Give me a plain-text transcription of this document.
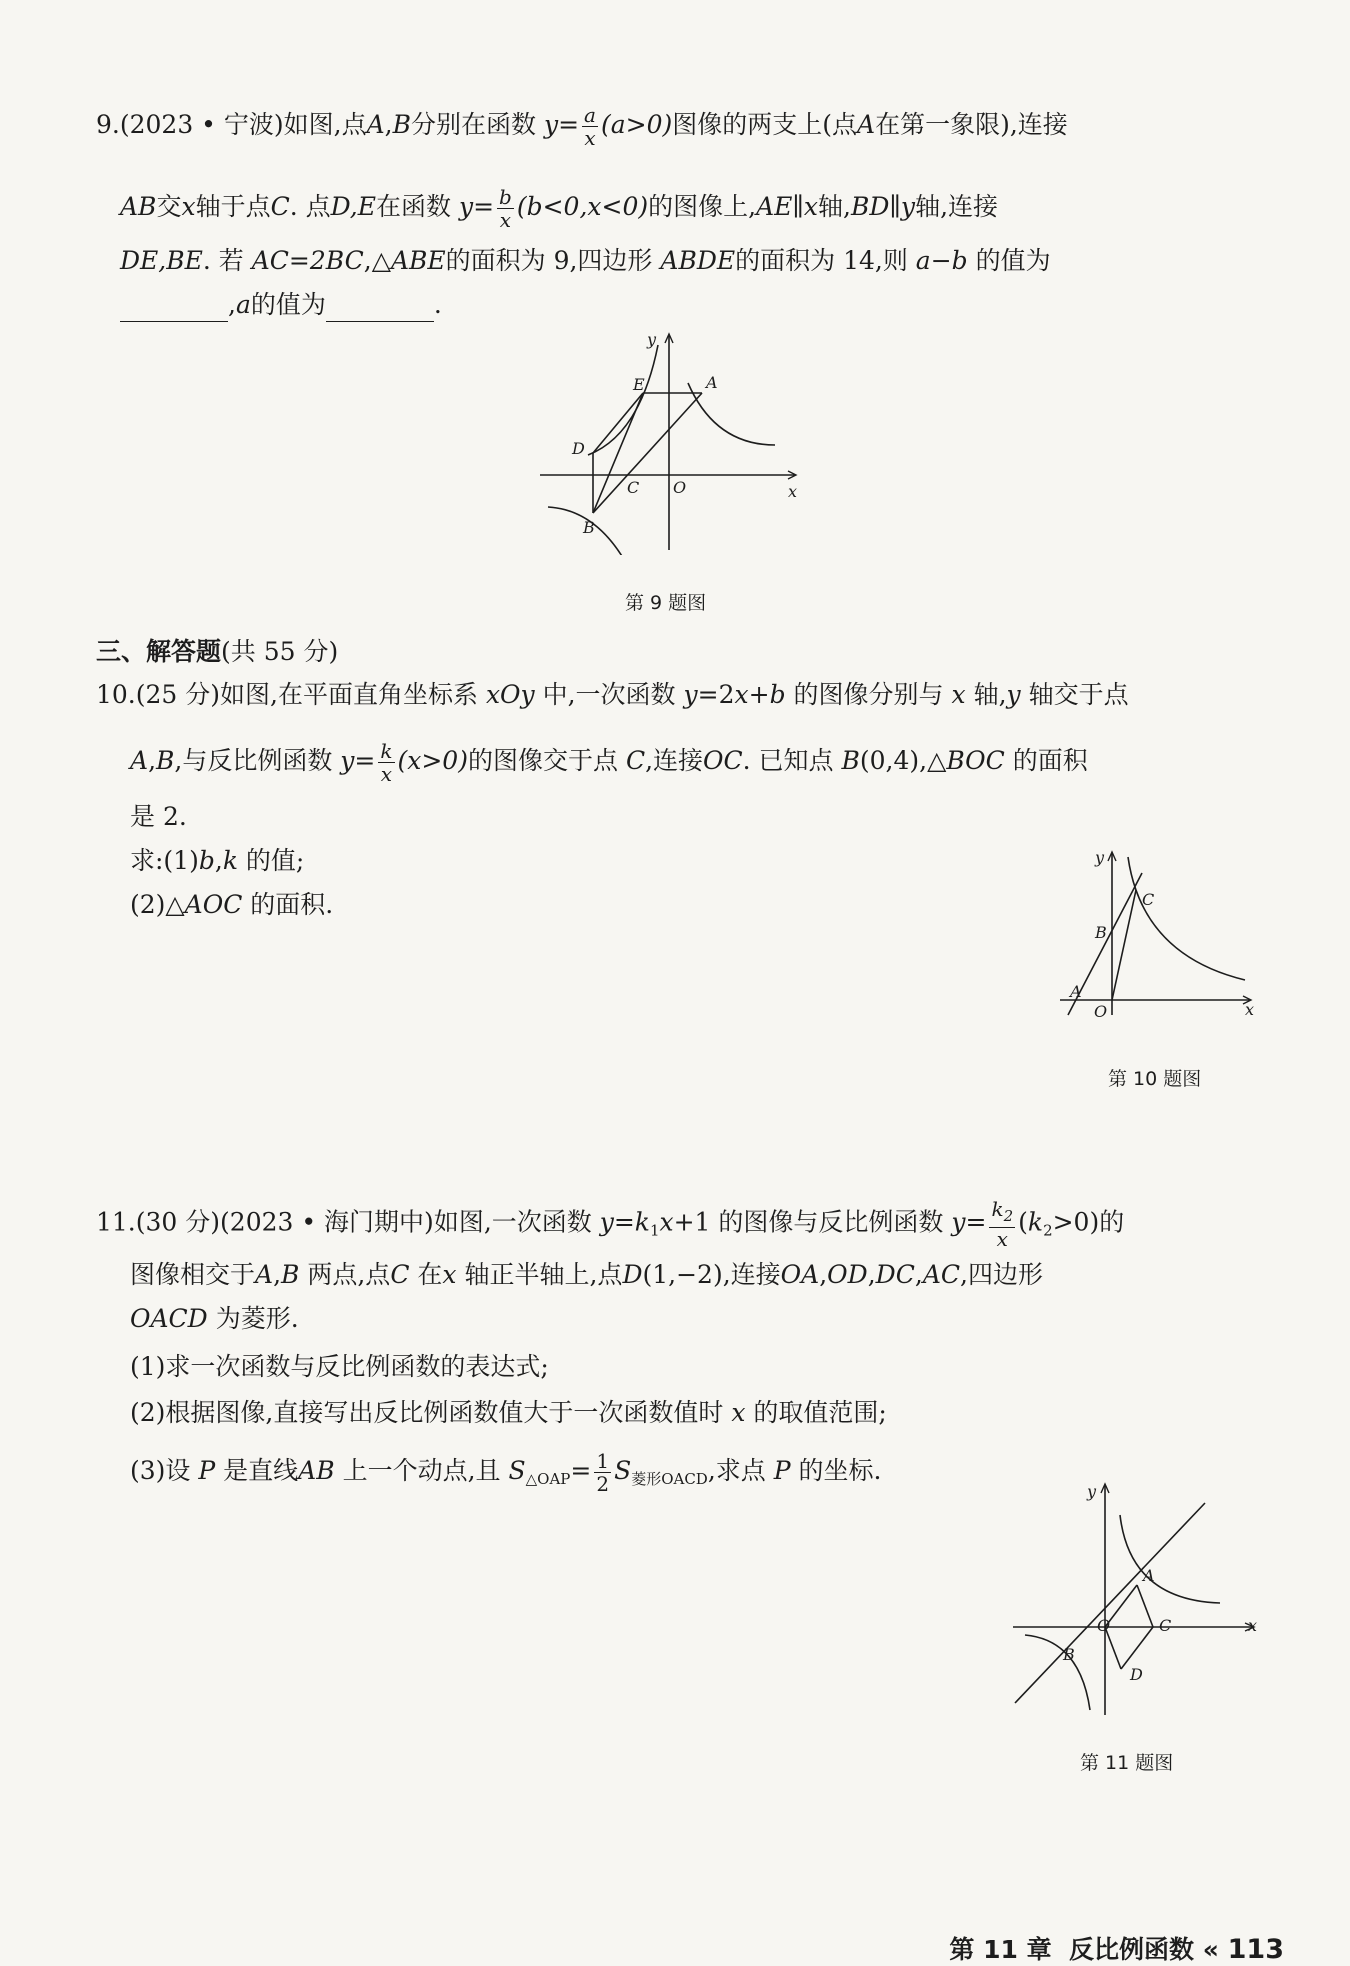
9.(2023 • 宁波)如图,点A,B分别在函数 $y= \frac{a}{x} (a>0)$图像的两支上(点A在第一象限),连接
AB交x轴于点C. 点D,E在函数 $y= \frac{b}{x} (b<0,x<0)$的图像上,AE∥x轴,BD∥y轴,连接
DE,BE. 若 AC=2BC,△ABE的面积为 9,四边形 ABDE的面积为 14,则 a−b 的值为
,a的值为	.
y
x
E	A
D
C O
B
第 9 题图
三、解答题(共 55 分)
10.(25 分)如图,在平面直角坐标系 xOy 中,一次函数 y=2x+b 的图像分别与 x 轴,y 轴交于点
A,B,与反比例函数 $y= \frac{k}{x} (x>0)$的图像交于点 C,连接OC. 已知点 B(0,4),△BOC 的面积
是 2.
求:(1)b,k 的值;
(2)△AOC 的面积.
y
x
C
B
A
O
第 10 题图
11.(30 分)(2023 • 海门期中)如图,一次函数 $y=k_1x+1$ 的图像与反比例函数 $y= \frac{k_2}{x} (k_2>0)$的
图像相交于A,B 两点,点C 在x 轴正半轴上,点D(1,−2),连接OA,OD,DC,AC,四边形
OACD 为菱形.
(1)求一次函数与反比例函数的表达式;
(2)根据图像,直接写出反比例函数值大于一次函数值时 x 的取值范围;
(3)设 P 是直线AB 上一个动点,且 $S_{\triangle OAP}= \frac{1}{2} S_{菱形OACD}$,求点 P 的坐标.
y
x
A
O	C
B
D
第 11 题图
第 11 章 反比例函数 « 113
